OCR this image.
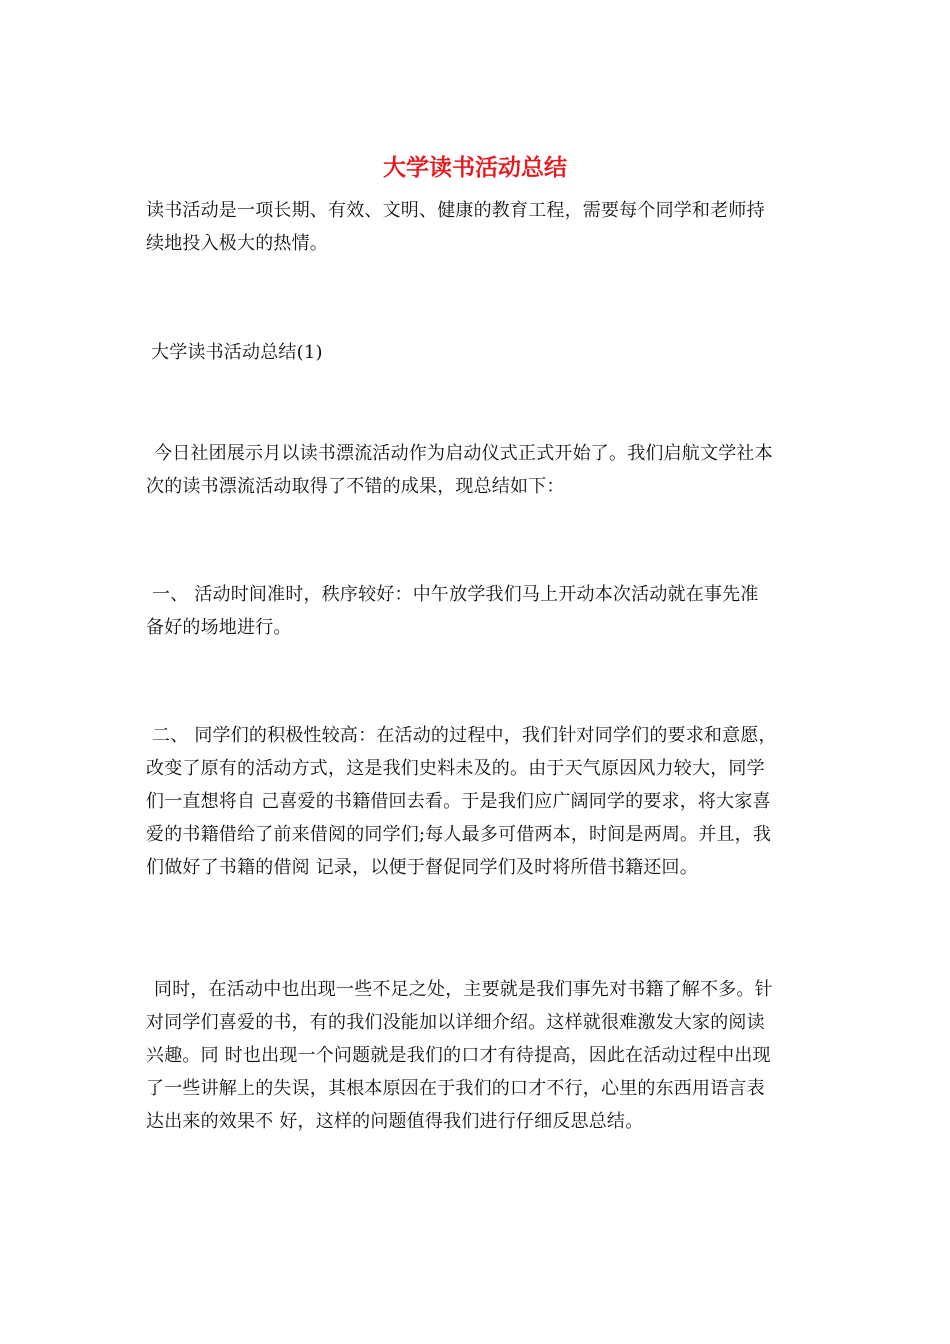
大学读书活动总结
读书活动是一项长期、有效、文明、健康的教育工程，需要每个同学和老师持
续地投入极大的热情。
大学读书活动总结(1)
今日社团展示月以读书漂流活动作为启动仪式正式开始了。我们启航文学社本
次的读书漂流活动取得了不错的成果，现总结如下：
一、 活动时间准时，秩序较好：中午放学我们马上开动本次活动就在事先准
备好的场地进行。
二、 同学们的积极性较高：在活动的过程中，我们针对同学们的要求和意愿，
改变了原有的活动方式，这是我们史料未及的。由于天气原因风力较大，同学
们一直想将自 己喜爱的书籍借回去看。于是我们应广阔同学的要求，将大家喜
爱的书籍借给了前来借阅的同学们;每人最多可借两本，时间是两周。并且，我
们做好了书籍的借阅 记录，以便于督促同学们及时将所借书籍还回。
同时，在活动中也出现一些不足之处，主要就是我们事先对书籍了解不多。针
对同学们喜爱的书，有的我们没能加以详细介绍。这样就很难激发大家的阅读
兴趣。同 时也出现一个问题就是我们的口才有待提高，因此在活动过程中出现
了一些讲解上的失误，其根本原因在于我们的口才不行，心里的东西用语言表
达出来的效果不 好，这样的问题值得我们进行仔细反思总结。
